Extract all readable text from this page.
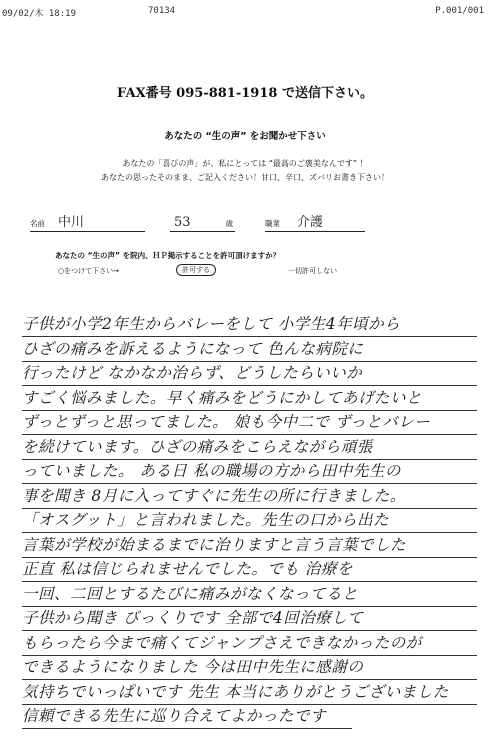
09/02/木 18:19	70134	P.001/001
FAX番号 095-881-1918 で送信下さい。
あなたの “生の声” をお聞かせ下さい
あなたの「喜びの声」が、私にとっては “最高のご褒美なんです” ！
あなたの思ったそのまま、ご記入ください！甘口、辛口、ズバリお書き下さい！
名前 中川	53	歳	職業 介護
あなたの “生の声” を院内、ＨＰ掲示することを許可頂けますか？
○をつけて下さい→	許可する	一切許可しない
子供が小学2年生からバレーをして 小学生4年頃から
ひざの痛みを訴えるようになって 色んな病院に
行ったけど なかなか治らず、どうしたらいいか
すごく悩みました。早く痛みをどうにかしてあげたいと
ずっとずっと思ってました。 娘も今中二で ずっとバレー
を続けています。ひざの痛みをこらえながら頑張
っていました。 ある日 私の職場の方から田中先生の
事を聞き 8月に入ってすぐに先生の所に行きました。
「オスグット」と言われました。先生の口から出た
言葉が学校が始まるまでに治りますと言う言葉でした
正直 私は信じられませんでした。でも 治療を
一回、二回とするたびに痛みがなくなってると
子供から聞き びっくりです 全部で4回治療して
もらったら今まで痛くてジャンプさえできなかったのが
できるようになりました 今は田中先生に感謝の
気持ちでいっぱいです 先生 本当にありがとうございました
信頼できる先生に巡り合えてよかったです
